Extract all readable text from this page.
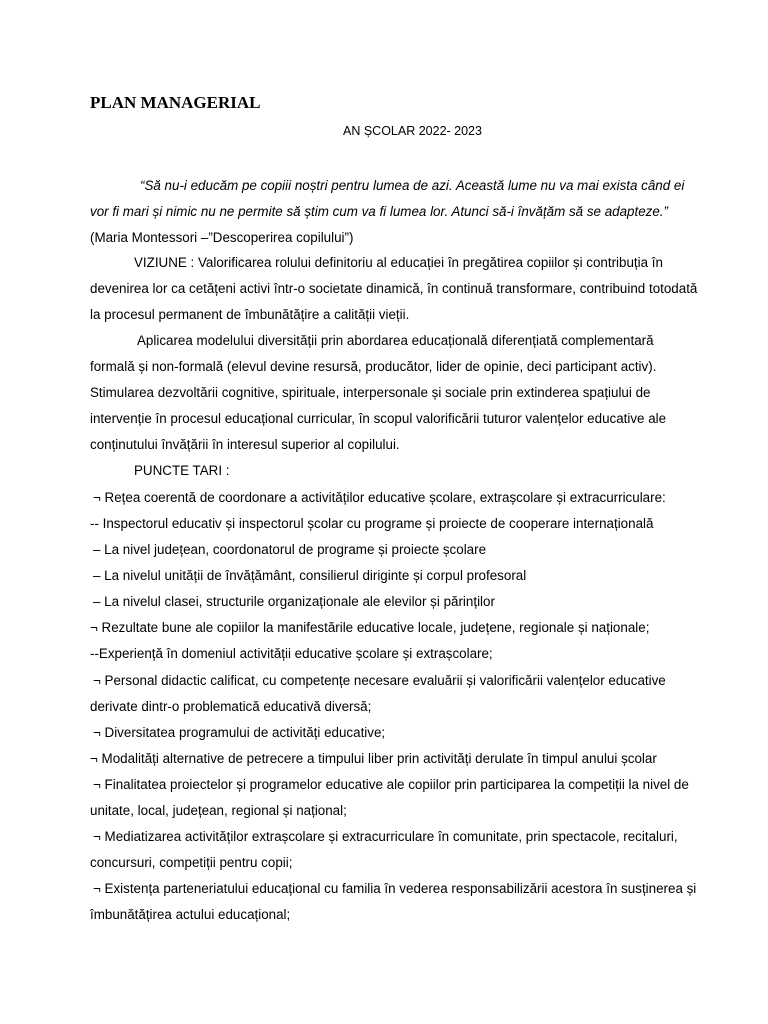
PLAN MANAGERIAL
AN ȘCOLAR 2022- 2023
“Să nu-i educăm pe copiii noștri pentru lumea de azi. Această lume nu va mai exista când ei
vor fi mari și nimic nu ne permite să știm cum va fi lumea lor. Atunci să-i învățăm să se adapteze.”
(Maria Montessori –”Descoperirea copilului”)
VIZIUNE : Valorificarea rolului definitoriu al educației în pregătirea copiilor și contribuția în
devenirea lor ca cetățeni activi într-o societate dinamică, în continuă transformare, contribuind totodată
la procesul permanent de îmbunătățire a calității vieții.
Aplicarea modelului diversității prin abordarea educațională diferențiată complementară
formală și non-formală (elevul devine resursă, producător, lider de opinie, deci participant activ).
Stimularea dezvoltării cognitive, spirituale, interpersonale și sociale prin extinderea spațiului de
intervenție în procesul educațional curricular, în scopul valorificării tuturor valențelor educative ale
conținutului învățării în interesul superior al copilului.
PUNCTE TARI :
¬ Rețea coerentă de coordonare a activităților educative școlare, extrașcolare și extracurriculare:
-- Inspectorul educativ și inspectorul școlar cu programe și proiecte de cooperare internațională
– La nivel județean, coordonatorul de programe și proiecte școlare
– La nivelul unității de învățământ, consilierul diriginte și corpul profesoral
– La nivelul clasei, structurile organizaționale ale elevilor și părinților
¬ Rezultate bune ale copiilor la manifestările educative locale, județene, regionale și naționale;
--Experiență în domeniul activității educative școlare și extrașcolare;
¬ Personal didactic calificat, cu competențe necesare evaluării și valorificării valențelor educative
derivate dintr-o problematică educativă diversă;
¬ Diversitatea programului de activități educative;
¬ Modalități alternative de petrecere a timpului liber prin activități derulate în timpul anului școlar
¬ Finalitatea proiectelor și programelor educative ale copiilor prin participarea la competiții la nivel de
unitate, local, județean, regional și național;
¬ Mediatizarea activităților extrașcolare și extracurriculare în comunitate, prin spectacole, recitaluri,
concursuri, competiții pentru copii;
¬ Existența parteneriatului educațional cu familia în vederea responsabilizării acestora în susținerea și
îmbunătățirea actului educațional;
